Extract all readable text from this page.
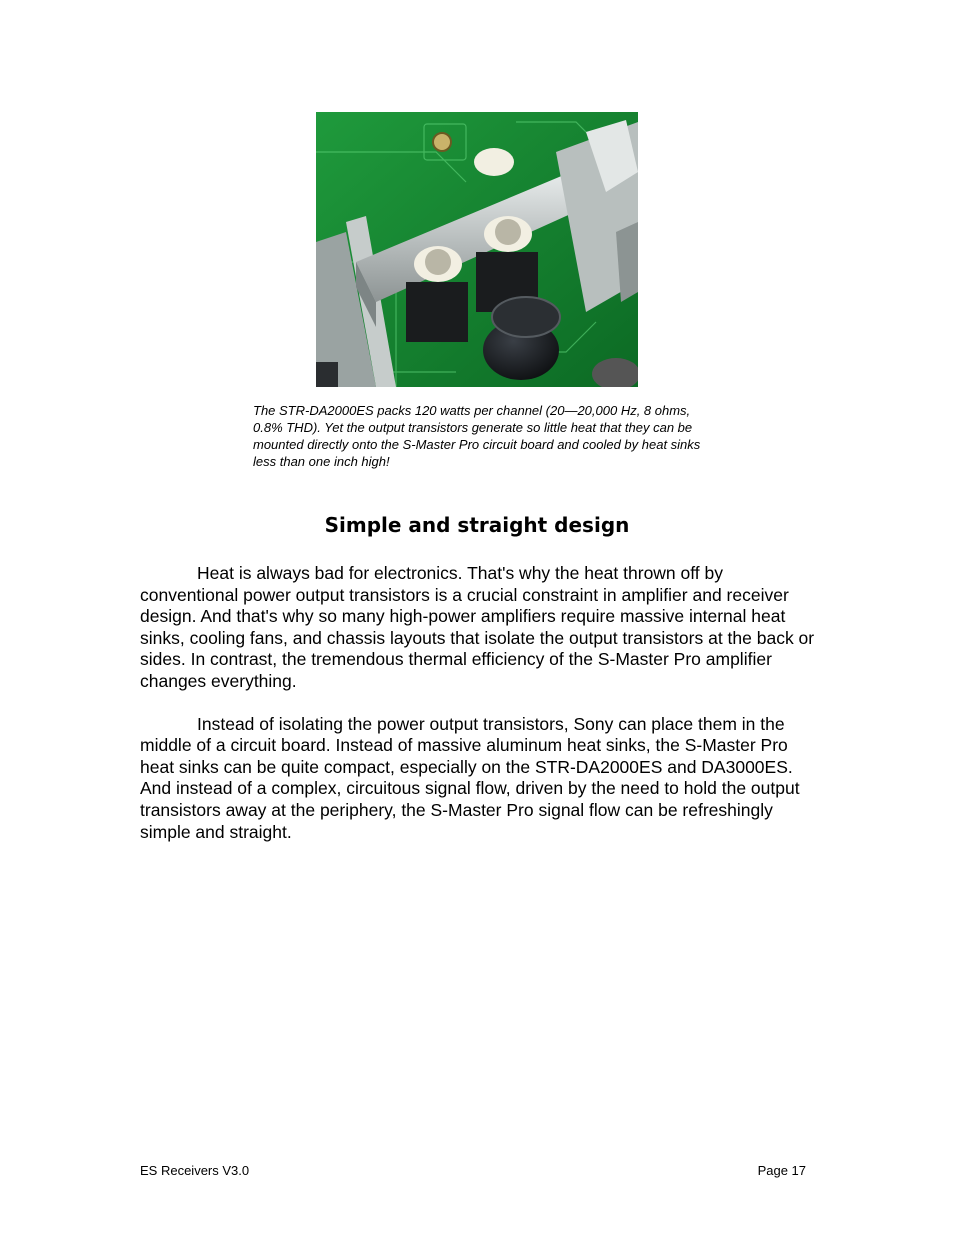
The STR-DA2000ES packs 120 watts per channel (20—20,000 Hz, 8 ohms, 0.8% THD). Yet the output transistors generate so little heat that they can be mounted directly onto the S-Master Pro circuit board and cooled by heat sinks less than one inch high!

Simple and straight design

Heat is always bad for electronics. That's why the heat thrown off by conventional power output transistors is a crucial constraint in amplifier and receiver design. And that's why so many high-power amplifiers require massive internal heat sinks, cooling fans, and chassis layouts that isolate the output transistors at the back or sides. In contrast, the tremendous thermal efficiency of the S-Master Pro amplifier changes everything.

Instead of isolating the power output transistors, Sony can place them in the middle of a circuit board. Instead of massive aluminum heat sinks, the S-Master Pro heat sinks can be quite compact, especially on the STR-DA2000ES and DA3000ES. And instead of a complex, circuitous signal flow, driven by the need to hold the output transistors away at the periphery, the S-Master Pro signal flow can be refreshingly simple and straight.

ES Receivers V3.0	Page 17
